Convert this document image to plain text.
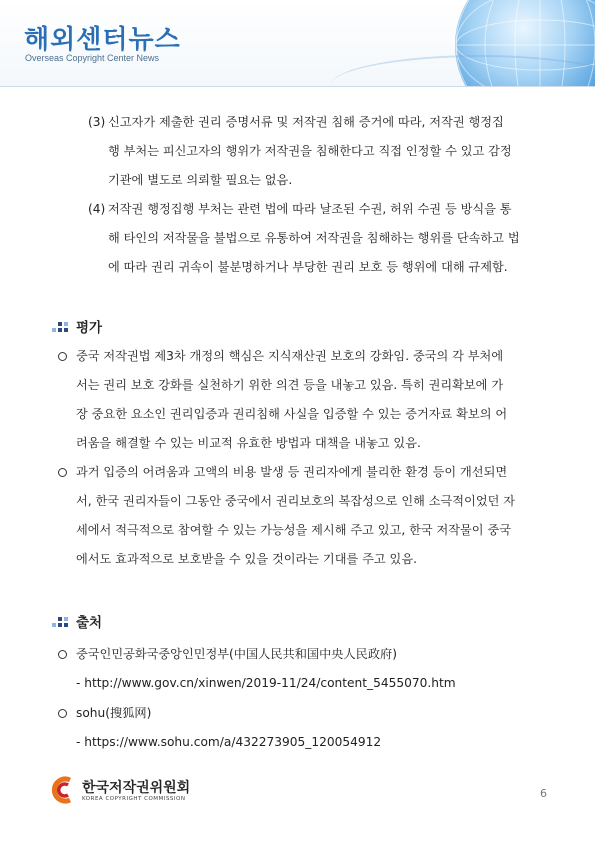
해외센터뉴스
Overseas Copyright Center News
(3) 신고자가 제출한 권리 증명서류 및 저작권 침해 증거에 따라, 저작권 행정집
행 부처는 피신고자의 행위가 저작권을 침해한다고 직접 인정할 수 있고 감정
기관에 별도로 의뢰할 필요는 없음.
(4) 저작권 행정집행 부처는 관련 법에 따라 날조된 수권, 허위 수권 등 방식을 통
해 타인의 저작물을 불법으로 유통하여 저작권을 침해하는 행위를 단속하고 법
에 따라 권리 귀속이 불분명하거나 부당한 권리 보호 등 행위에 대해 규제함.
평가
중국 저작권법 제3차 개정의 핵심은 지식재산권 보호의 강화임. 중국의 각 부처에
서는 권리 보호 강화를 실천하기 위한 의견 등을 내놓고 있음. 특히 권리확보에 가
장 중요한 요소인 권리입증과 권리침해 사실을 입증할 수 있는 증거자료 확보의 어
려움을 해결할 수 있는 비교적 유효한 방법과 대책을 내놓고 있음.
과거 입증의 어려움과 고액의 비용 발생 등 권리자에게 불리한 환경 등이 개선되면
서, 한국 권리자들이 그동안 중국에서 권리보호의 복잡성으로 인해 소극적이었던 자
세에서 적극적으로 참여할 수 있는 가능성을 제시해 주고 있고, 한국 저작물이 중국
에서도 효과적으로 보호받을 수 있을 것이라는 기대를 주고 있음.
출처
중국인민공화국중앙인민정부(中国人民共和国中央人民政府)
- http://www.gov.cn/xinwen/2019-11/24/content_5455070.htm
sohu(搜狐网)
- https://www.sohu.com/a/432273905_120054912
한국저작권위원회
KOREA COPYRIGHT COMMISSION	6
